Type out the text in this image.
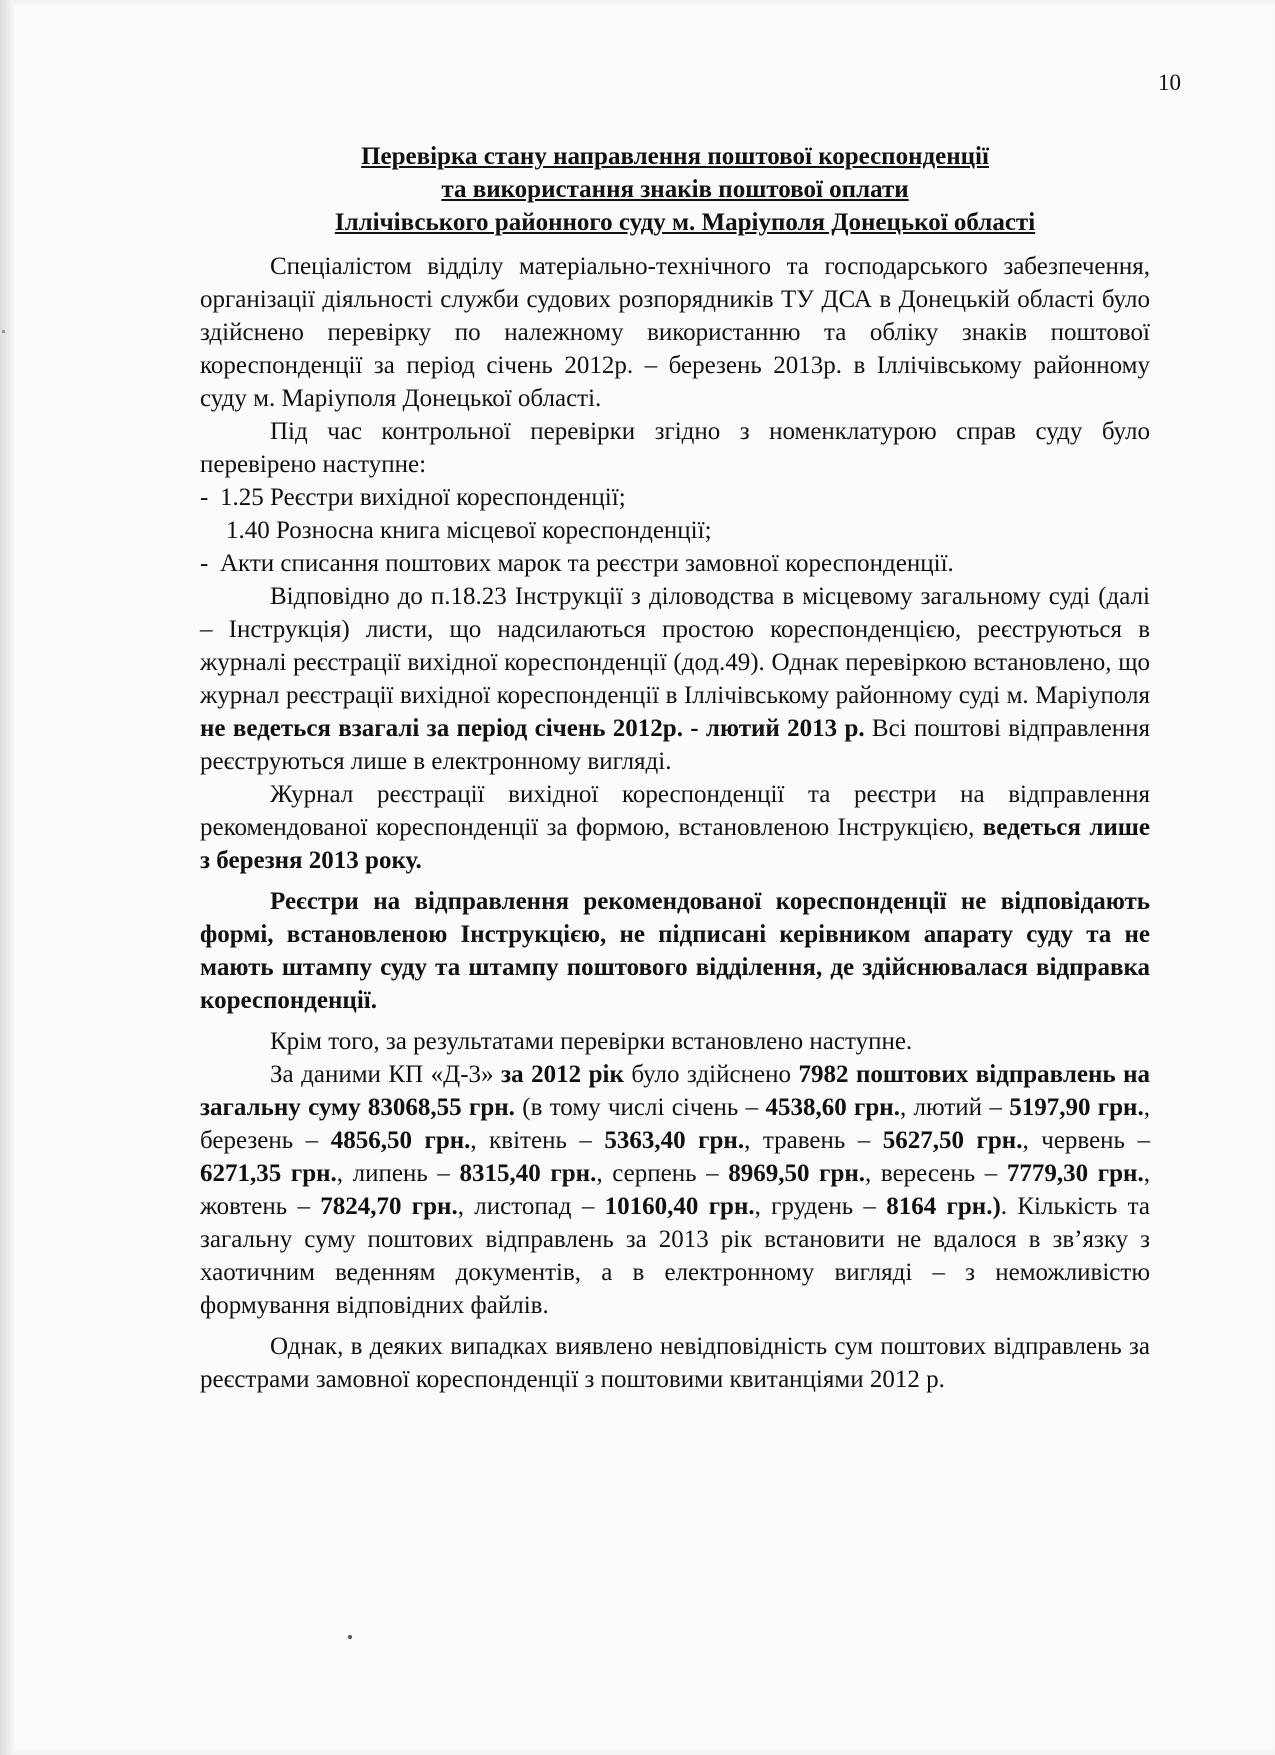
10
Перевірка стану направлення поштової кореспонденції
та використання знаків поштової оплати
Іллічівського районного суду м. Маріуполя Донецької області

Спеціалістом відділу матеріально-технічного та господарського забезпечення, організації діяльності служби судових розпорядників ТУ ДСА в Донецькій області було здійснено перевірку по належному використанню та обліку знаків поштової кореспонденції за період січень 2012р. – березень 2013р. в Іллічівському районному суду м. Маріуполя Донецької області.

Під час контрольної перевірки згідно з номенклатурою справ суду було перевірено наступне:

- 1.25 Реєстри вихідної кореспонденції;
1.40 Розносна книга місцевої кореспонденції;
- Акти списання поштових марок та реєстри замовної кореспонденції.

Відповідно до п.18.23 Інструкції з діловодства в місцевому загальному суді (далі – Інструкція) листи, що надсилаються простою кореспонденцією, реєструються в журналі реєстрації вихідної кореспонденції (дод.49). Однак перевіркою встановлено, що журнал реєстрації вихідної кореспонденції в Іллічівському районному суді м. Маріуполя не ведеться взагалі за період січень 2012р. - лютий 2013 р. Всі поштові відправлення реєструються лише в електронному вигляді.

Журнал реєстрації вихідної кореспонденції та реєстри на відправлення рекомендованої кореспонденції за формою, встановленою Інструкцією, ведеться лише з березня 2013 року.

Реєстри на відправлення рекомендованої кореспонденції не відповідають формі, встановленою Інструкцією, не підписані керівником апарату суду та не мають штампу суду та штампу поштового відділення, де здійснювалася відправка кореспонденції.

Крім того, за результатами перевірки встановлено наступне.

За даними КП «Д-3» за 2012 рік було здійснено 7982 поштових відправлень на загальну суму 83068,55 грн. (в тому числі січень – 4538,60 грн., лютий – 5197,90 грн., березень – 4856,50 грн., квітень – 5363,40 грн., травень – 5627,50 грн., червень – 6271,35 грн., липень – 8315,40 грн., серпень – 8969,50 грн., вересень – 7779,30 грн., жовтень – 7824,70 грн., листопад – 10160,40 грн., грудень – 8164 грн.). Кількість та загальну суму поштових відправлень за 2013 рік встановити не вдалося в зв’язку з хаотичним веденням документів, а в електронному вигляді – з неможливістю формування відповідних файлів.

Однак, в деяких випадках виявлено невідповідність сум поштових відправлень за реєстрами замовної кореспонденції з поштовими квитанціями 2012 р.
